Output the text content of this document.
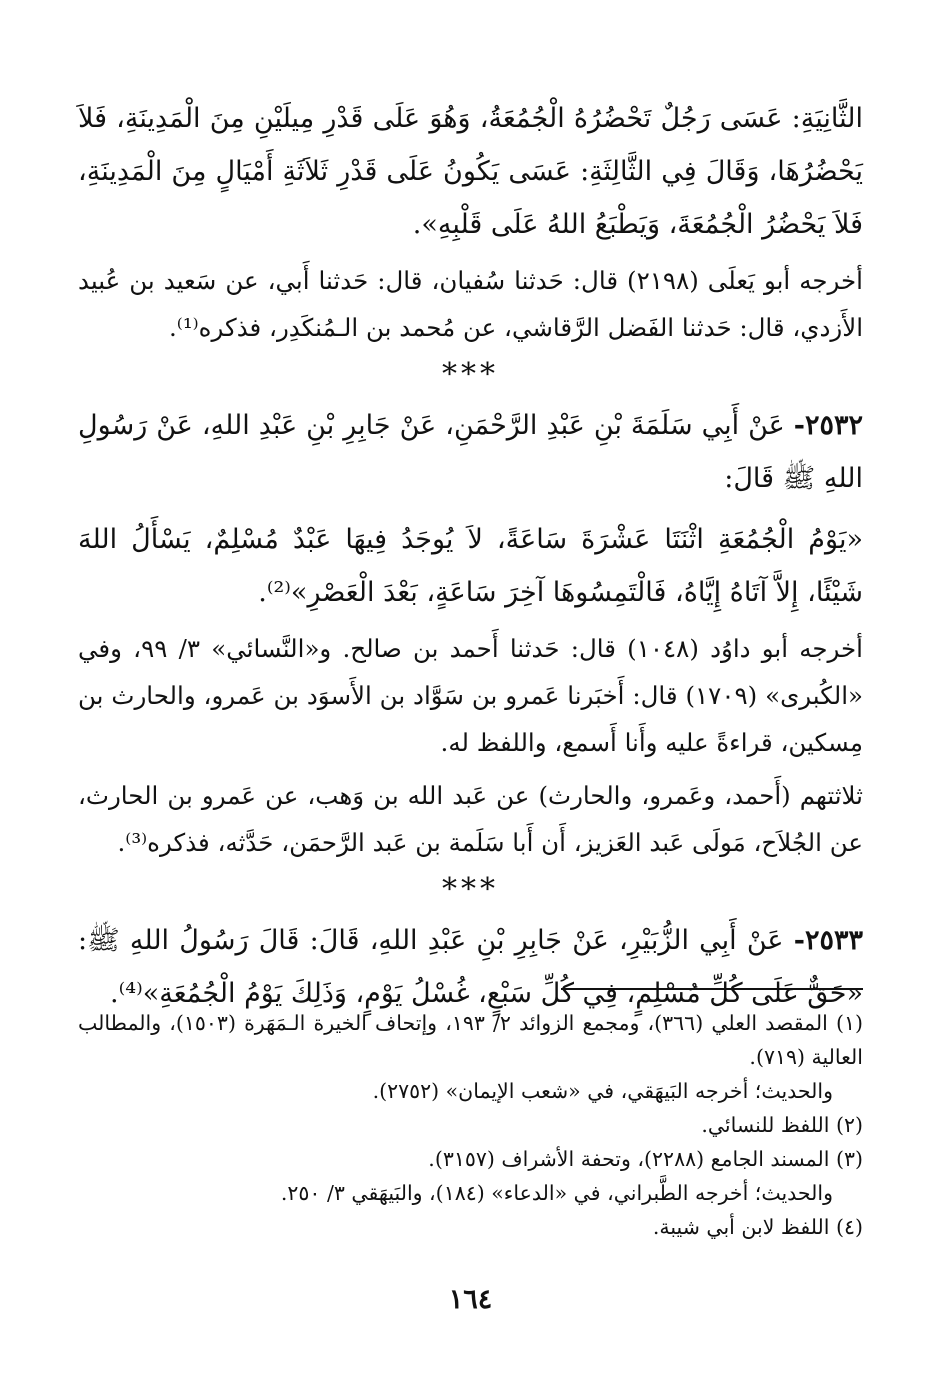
الثَّانِيَةِ: عَسَى رَجُلٌ تَحْضُرُهُ الْجُمُعَةُ، وَهُوَ عَلَى قَدْرِ مِيلَيْنِ مِنَ الْمَدِينَةِ، فَلاَ يَحْضُرُهَا، وَقَالَ فِي الثَّالِثَةِ: عَسَى يَكُونُ عَلَى قَدْرِ ثَلاَثَةِ أَمْيَالٍ مِنَ الْمَدِينَةِ، فَلاَ يَحْضُرُ الْجُمُعَةَ، وَيَطْبَعُ اللهُ عَلَى قَلْبِهِ».

أخرجه أبو يَعلَى (٢١٩٨) قال: حَدثنا سُفيان، قال: حَدثنا أَبي، عن سَعيد بن عُبيد الأَزدي، قال: حَدثنا الفَضل الرَّقاشي، عن مُحمد بن الـمُنكَدِر، فذكره⁽¹⁾.

***

٢٥٣٢- عَنْ أَبِي سَلَمَةَ بْنِ عَبْدِ الرَّحْمَنِ، عَنْ جَابِرِ بْنِ عَبْدِ اللهِ، عَنْ رَسُولِ اللهِ ﷺ قَالَ:

«يَوْمُ الْجُمُعَةِ اثْنَتَا عَشْرَةَ سَاعَةً، لاَ يُوجَدُ فِيهَا عَبْدٌ مُسْلِمٌ، يَسْأَلُ اللهَ شَيْئًا، إِلاَّ آتَاهُ إِيَّاهُ، فَالْتَمِسُوهَا آخِرَ سَاعَةٍ، بَعْدَ الْعَصْرِ»⁽²⁾.

أخرجه أبو داوُد (١٠٤٨) قال: حَدثنا أَحمد بن صالح. و«النَّسائي» ٣/ ٩٩، وفي «الكُبرى» (١٧٠٩) قال: أَخبَرنا عَمرو بن سَوَّاد بن الأَسوَد بن عَمرو، والحارث بن مِسكين، قراءةً عليه وأَنا أَسمع، واللفظ له.

ثلاثتهم (أَحمد، وعَمرو، والحارث) عن عَبد الله بن وَهب، عن عَمرو بن الحارث، عن الجُلاَح، مَولَى عَبد العَزيز، أَن أَبا سَلَمة بن عَبد الرَّحمَن، حَدَّثه، فذكره⁽³⁾.

***

٢٥٣٣- عَنْ أَبِي الزُّبَيْرِ، عَنْ جَابِرِ بْنِ عَبْدِ اللهِ، قَالَ: قَالَ رَسُولُ اللهِ ﷺ: «حَقٌّ عَلَى كُلِّ مُسْلِمٍ، فِي كُلِّ سَبْعٍ، غُسْلُ يَوْمٍ، وَذَلِكَ يَوْمُ الْجُمُعَةِ»⁽⁴⁾.

(١) المقصد العلي (٣٦٦)، ومجمع الزوائد ٢/ ١٩٣، وإتحاف الخيرة الـمَهَرة (١٥٠٣)، والمطالب العالية (٧١٩).

والحديث؛ أخرجه البَيهَقي، في «شعب الإيمان» (٢٧٥٢).

(٢) اللفظ للنسائي.

(٣) المسند الجامع (٢٢٨٨)، وتحفة الأشراف (٣١٥٧).

والحديث؛ أخرجه الطَّبراني، في «الدعاء» (١٨٤)، والبَيهَقي ٣/ ٢٥٠.

(٤) اللفظ لابن أبي شيبة.

١٦٤
